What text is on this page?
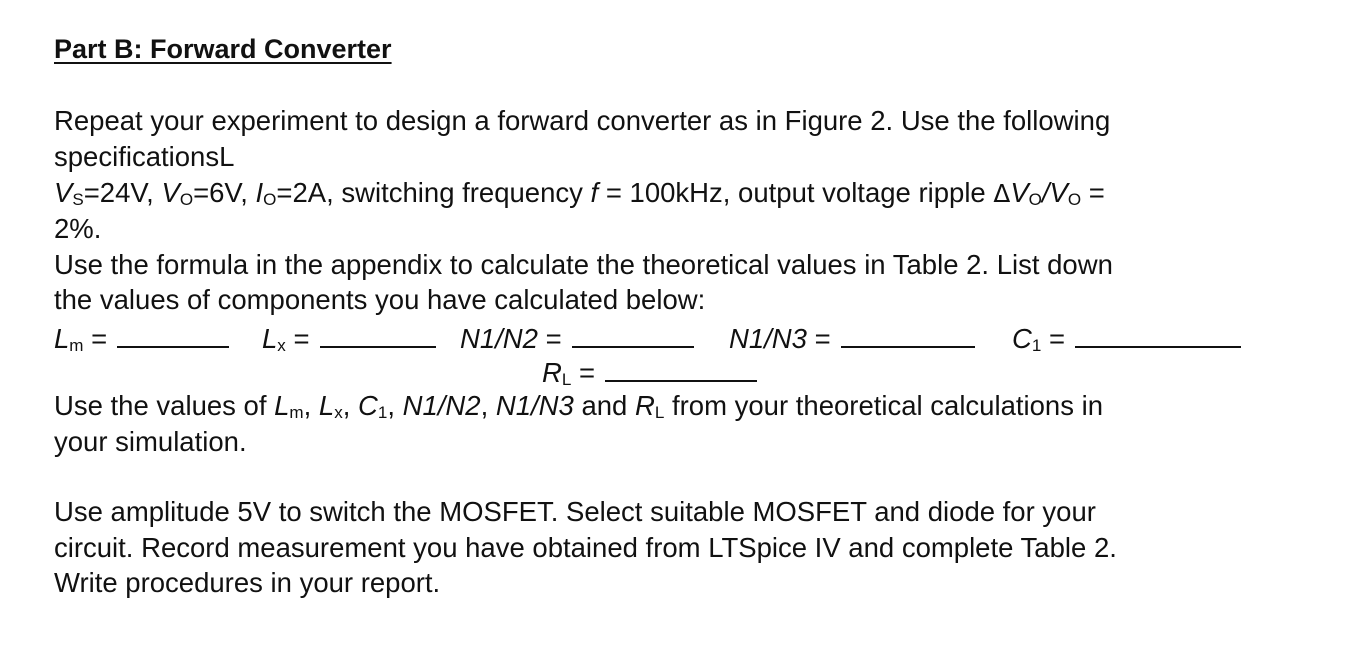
Part B: Forward Converter
Repeat your experiment to design a forward converter as in Figure 2. Use the following
specificationsL
$V_S=24V$, $V_O=6V$, $I_O=2A$, switching frequency f = 100kHz, output voltage ripple $\Delta V_O/V_O$ =
2%.
Use the formula in the appendix to calculate the theoretical values in Table 2. List down
the values of components you have calculated below:
$L_m$ =	$L_x$ =	N1/N2 =	N1/N3 =	$C_1$ =
$R_L$ =
Use the values of $L_m$, $L_x$, $C_1$, N1/N2, N1/N3 and $R_L$ from your theoretical calculations in
your simulation.
Use amplitude 5V to switch the MOSFET. Select suitable MOSFET and diode for your
circuit. Record measurement you have obtained from LTSpice IV and complete Table 2.
Write procedures in your report.
